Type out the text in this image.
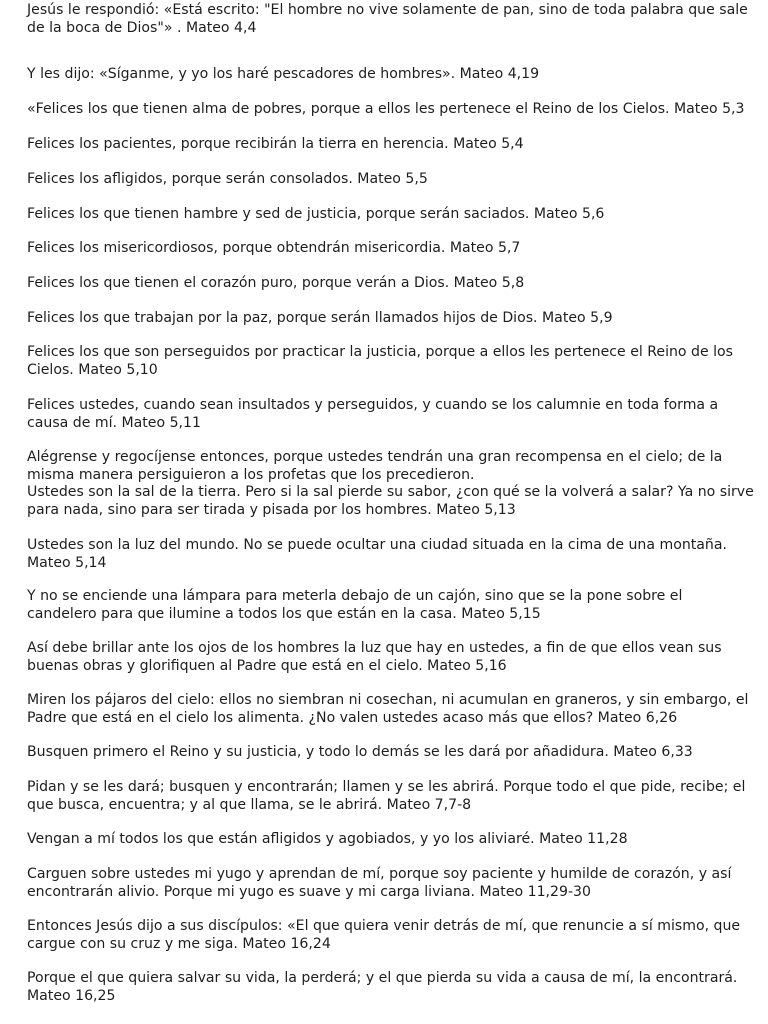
Jesús le respondió: «Está escrito: "El hombre no vive solamente de pan, sino de toda palabra que sale
de la boca de Dios"» . Mateo 4,4
Y les dijo: «Síganme, y yo los haré pescadores de hombres». Mateo 4,19
«Felices los que tienen alma de pobres, porque a ellos les pertenece el Reino de los Cielos. Mateo 5,3
Felices los pacientes, porque recibirán la tierra en herencia. Mateo 5,4
Felices los afligidos, porque serán consolados. Mateo 5,5
Felices los que tienen hambre y sed de justicia, porque serán saciados. Mateo 5,6
Felices los misericordiosos, porque obtendrán misericordia. Mateo 5,7
Felices los que tienen el corazón puro, porque verán a Dios. Mateo 5,8
Felices los que trabajan por la paz, porque serán llamados hijos de Dios. Mateo 5,9
Felices los que son perseguidos por practicar la justicia, porque a ellos les pertenece el Reino de los
Cielos. Mateo 5,10
Felices ustedes, cuando sean insultados y perseguidos, y cuando se los calumnie en toda forma a
causa de mí. Mateo 5,11
Alégrense y regocíjense entonces, porque ustedes tendrán una gran recompensa en el cielo; de la
misma manera persiguieron a los profetas que los precedieron.
Ustedes son la sal de la tierra. Pero si la sal pierde su sabor, ¿con qué se la volverá a salar? Ya no sirve
para nada, sino para ser tirada y pisada por los hombres. Mateo 5,13
Ustedes son la luz del mundo. No se puede ocultar una ciudad situada en la cima de una montaña.
Mateo 5,14
Y no se enciende una lámpara para meterla debajo de un cajón, sino que se la pone sobre el
candelero para que ilumine a todos los que están en la casa. Mateo 5,15
Así debe brillar ante los ojos de los hombres la luz que hay en ustedes, a fin de que ellos vean sus
buenas obras y glorifiquen al Padre que está en el cielo. Mateo 5,16
Miren los pájaros del cielo: ellos no siembran ni cosechan, ni acumulan en graneros, y sin embargo, el
Padre que está en el cielo los alimenta. ¿No valen ustedes acaso más que ellos? Mateo 6,26
Busquen primero el Reino y su justicia, y todo lo demás se les dará por añadidura. Mateo 6,33
Pidan y se les dará; busquen y encontrarán; llamen y se les abrirá. Porque todo el que pide, recibe; el
que busca, encuentra; y al que llama, se le abrirá. Mateo 7,7-8
Vengan a mí todos los que están afligidos y agobiados, y yo los aliviaré. Mateo 11,28
Carguen sobre ustedes mi yugo y aprendan de mí, porque soy paciente y humilde de corazón, y así
encontrarán alivio. Porque mi yugo es suave y mi carga liviana. Mateo 11,29-30
Entonces Jesús dijo a sus discípulos: «El que quiera venir detrás de mí, que renuncie a sí mismo, que
cargue con su cruz y me siga. Mateo 16,24
Porque el que quiera salvar su vida, la perderá; y el que pierda su vida a causa de mí, la encontrará.
Mateo 16,25
